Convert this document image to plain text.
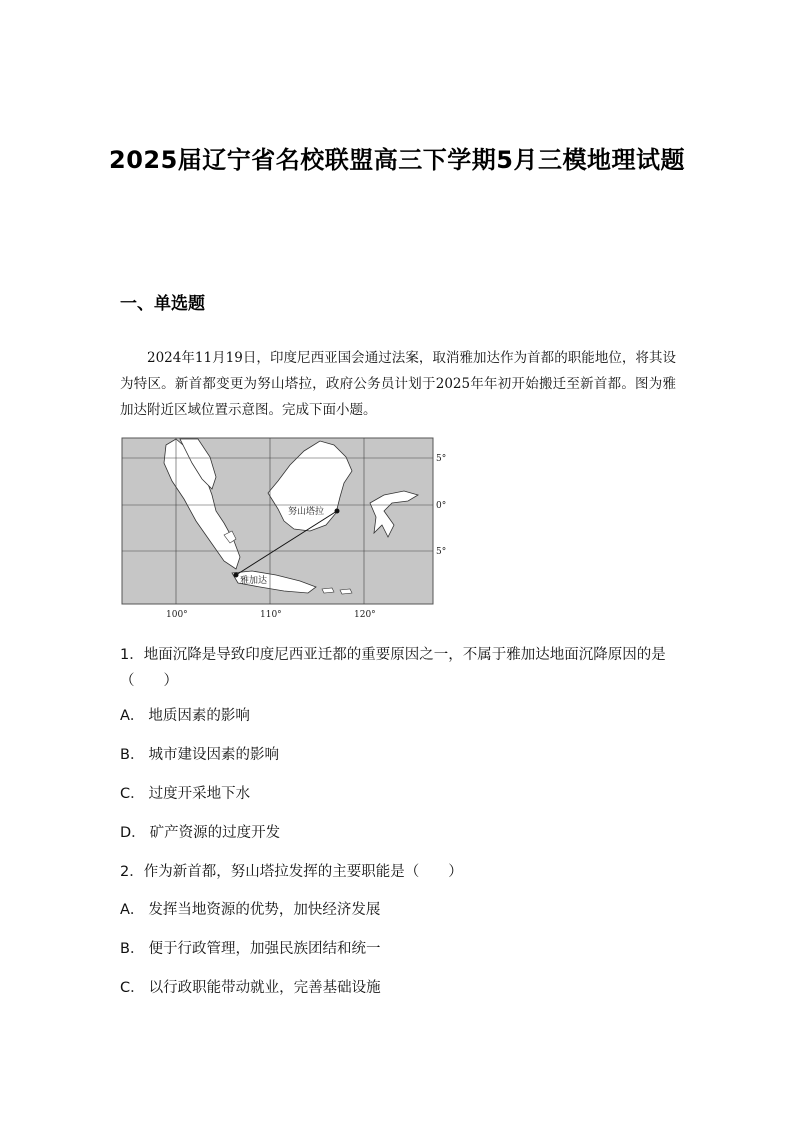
2025届辽宁省名校联盟高三下学期5月三模地理试题
一、单选题
2024年11月19日，印度尼西亚国会通过法案，取消雅加达作为首都的职能地位，将其设为特区。新首都变更为努山塔拉，政府公务员计划于2025年年初开始搬迁至新首都。图为雅加达附近区域位置示意图。完成下面小题。
努山塔拉
雅加达
5°
0°
5°
100°	110°	120°
1．地面沉降是导致印度尼西亚迁都的重要原因之一，不属于雅加达地面沉降原因的是（　　）
A． 地质因素的影响
B． 城市建设因素的影响
C． 过度开采地下水
D． 矿产资源的过度开发
2．作为新首都，努山塔拉发挥的主要职能是（　　）
A． 发挥当地资源的优势，加快经济发展
B． 便于行政管理，加强民族团结和统一
C． 以行政职能带动就业，完善基础设施
